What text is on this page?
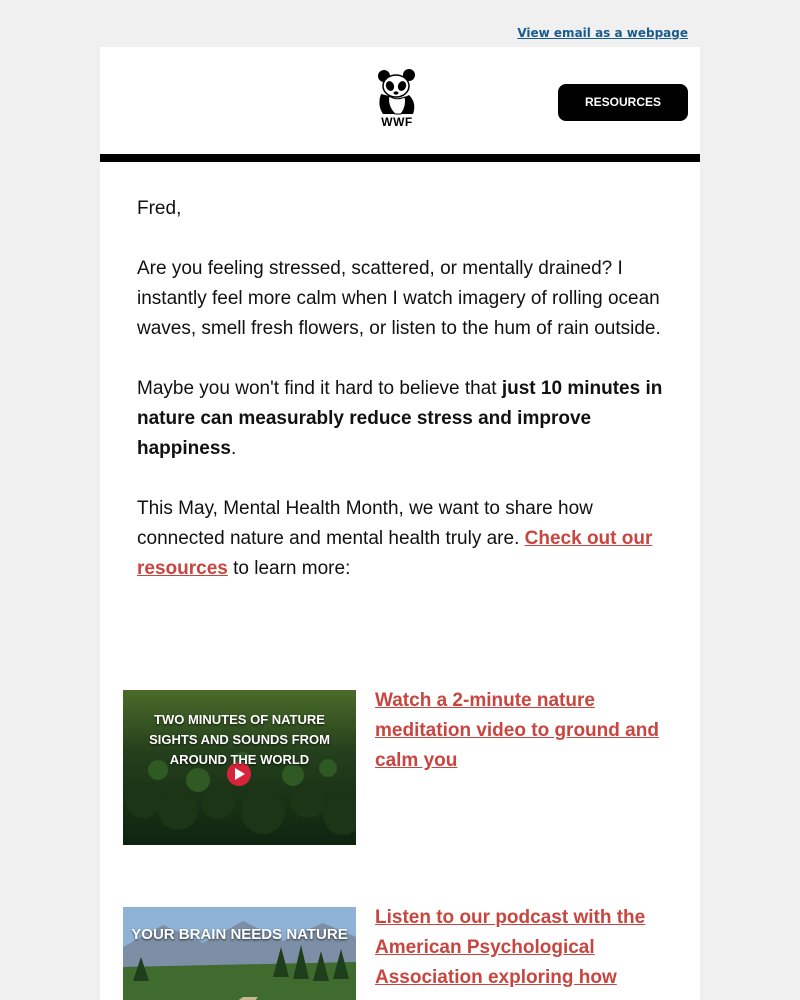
View email as a webpage
WWF
RESOURCES

Fred,

Are you feeling stressed, scattered, or mentally drained? I instantly feel more calm when I watch imagery of rolling ocean waves, smell fresh flowers, or listen to the hum of rain outside.

Maybe you won't find it hard to believe that just 10 minutes in nature can measurably reduce stress and improve happiness.

This May, Mental Health Month, we want to share how connected nature and mental health truly are. Check out our resources to learn more:

TWO MINUTES OF NATURE SIGHTS AND SOUNDS FROM AROUND THE WORLD
Watch a 2-minute nature meditation video to ground and calm you
YOUR BRAIN NEEDS NATURE
Listen to our podcast with the American Psychological Association exploring how
